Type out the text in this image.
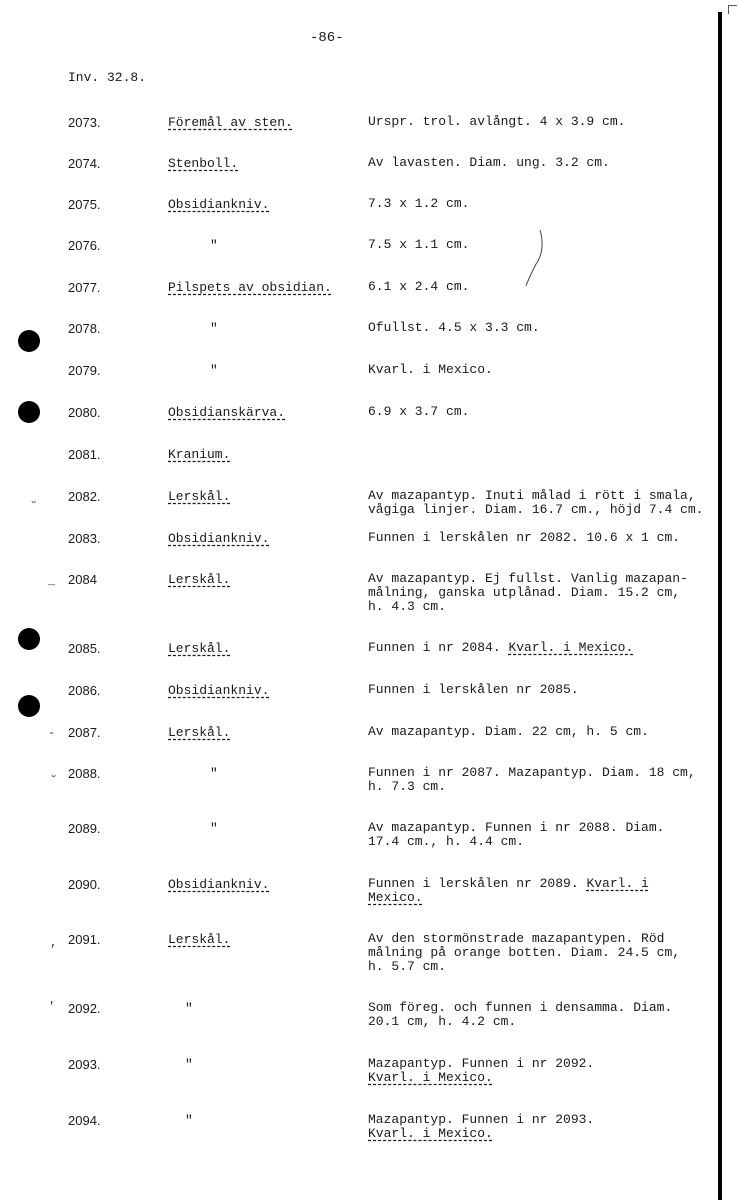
-86-
Inv. 32.8.
ᵕ
_
-
ᵕ
,
'
2073.	Föremål av sten.	Urspr. trol. avlångt. 4 x 3.9 cm.
2074.	Stenboll.	Av lavasten. Diam. ung. 3.2 cm.
2075.	Obsidiankniv.	7.3 x 1.2 cm.
2076.	"	7.5 x 1.1 cm.
2077.	Pilspets av obsidian.	6.1 x 2.4 cm.
2078.	"	Ofullst. 4.5 x 3.3 cm.
2079.	"	Kvarl. i Mexico.
2080.	Obsidianskärva.	6.9 x 3.7 cm.
2081.	Kranium.
2082.	Lerskål.	Av mazapantyp. Inuti målad i rött i smala,
vågiga linjer. Diam. 16.7 cm., höjd 7.4 cm.
2083.	Obsidiankniv.	Funnen i lerskålen nr 2082. 10.6 x 1 cm.
2084	Lerskål.	Av mazapantyp. Ej fullst. Vanlig mazapan-
målning, ganska utplånad. Diam. 15.2 cm,
h. 4.3 cm.
2085.	Lerskål.	Funnen i nr 2084. Kvarl. i Mexico.
2086.	Obsidiankniv.	Funnen i lerskålen nr 2085.
2087.	Lerskål.	Av mazapantyp. Diam. 22 cm, h. 5 cm.
2088.	"	Funnen i nr 2087. Mazapantyp. Diam. 18 cm,
h. 7.3 cm.
2089.	"	Av mazapantyp. Funnen i nr 2088. Diam.
17.4 cm., h. 4.4 cm.
2090.	Obsidiankniv.	Funnen i lerskålen nr 2089. Kvarl. i
Mexico.
2091.	Lerskål.	Av den stormönstrade mazapantypen. Röd
målning på orange botten. Diam. 24.5 cm,
h. 5.7 cm.
2092.	"	Som föreg. och funnen i densamma. Diam.
20.1 cm, h. 4.2 cm.
2093.	"	Mazapantyp. Funnen i nr 2092.
Kvarl. i Mexico.
2094.	"	Mazapantyp. Funnen i nr 2093.
Kvarl. i Mexico.
